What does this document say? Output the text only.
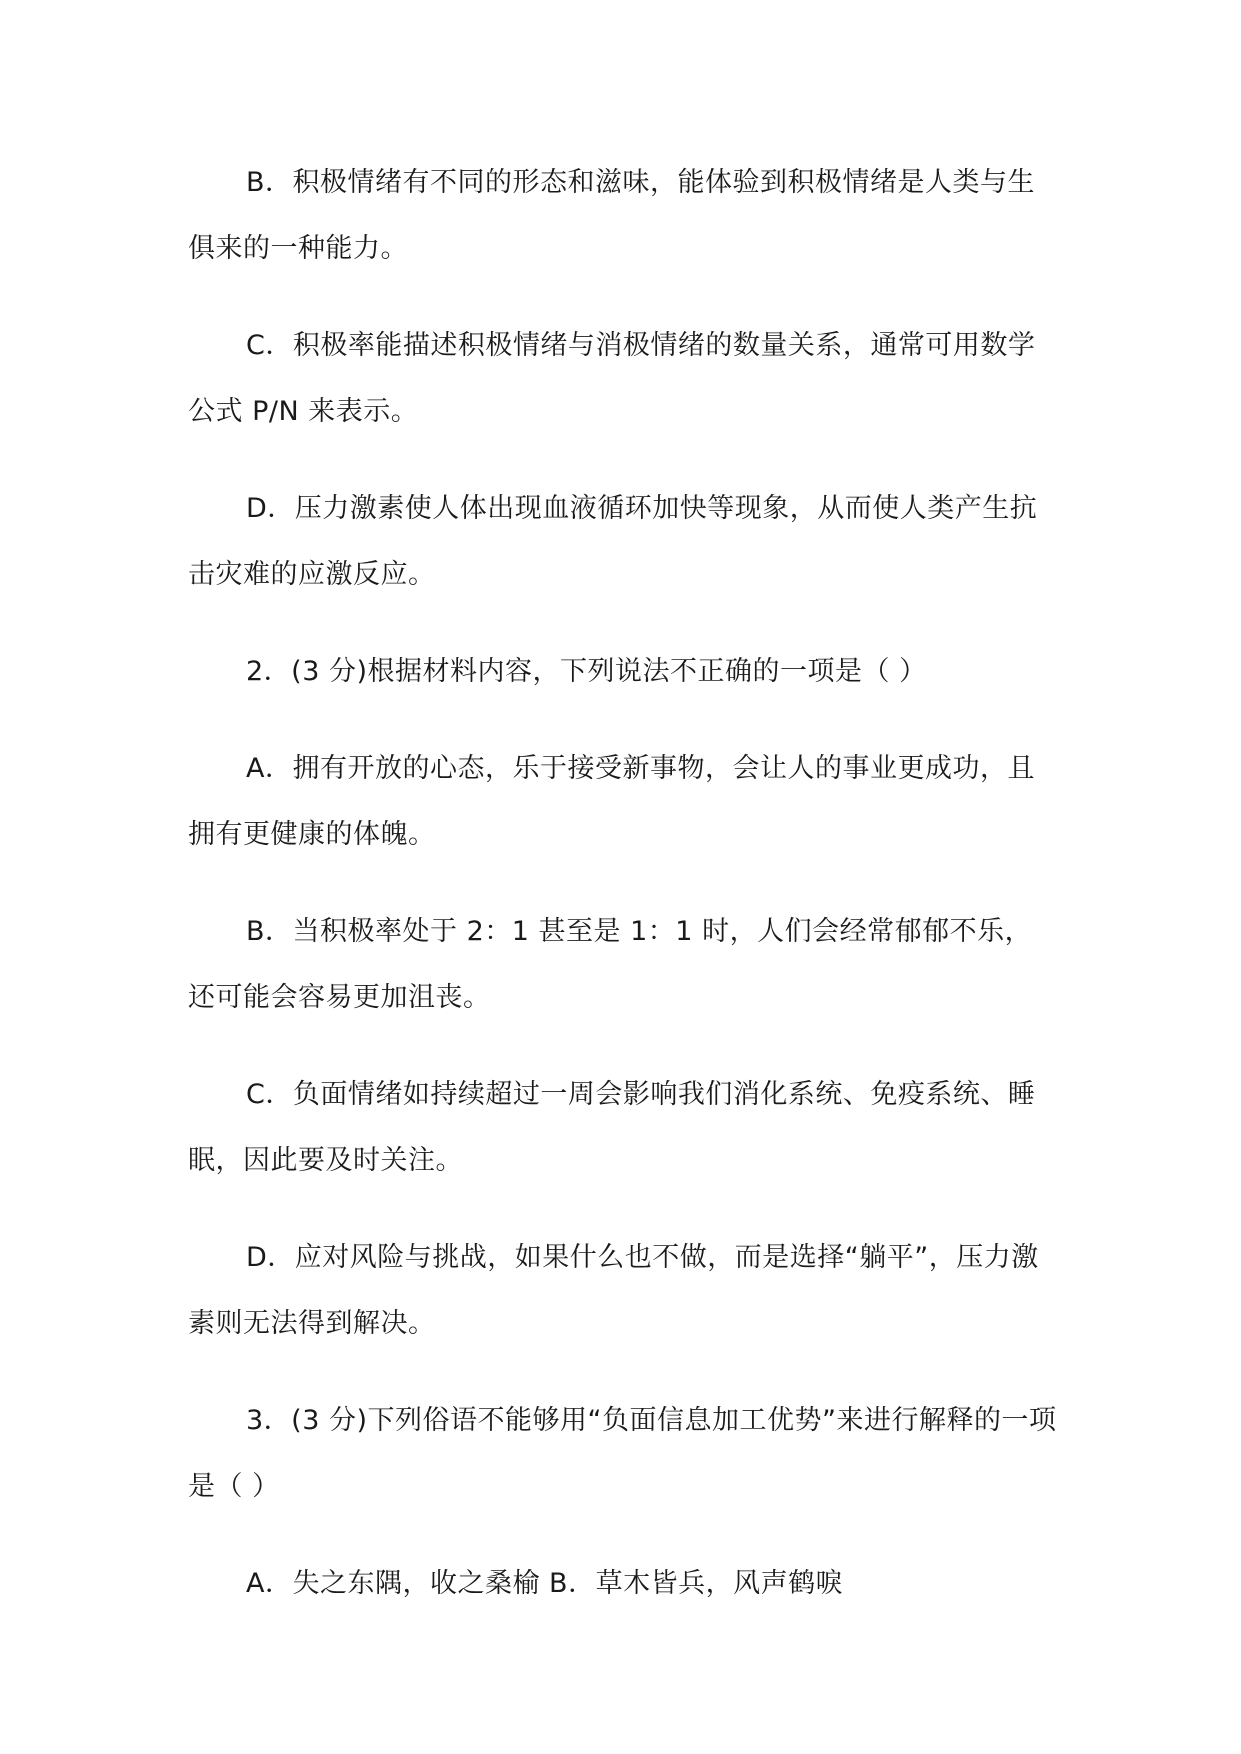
B．积极情绪有不同的形态和滋味，能体验到积极情绪是人类与生俱来的一种能力。

C．积极率能描述积极情绪与消极情绪的数量关系，通常可用数学公式 P/N 来表示。

D．压力激素使人体出现血液循环加快等现象，从而使人类产生抗击灾难的应激反应。

2．(3 分)根据材料内容，下列说法不正确的一项是（ ）

A．拥有开放的心态，乐于接受新事物，会让人的事业更成功，且拥有更健康的体魄。

B．当积极率处于 2：1 甚至是 1：1 时，人们会经常郁郁不乐，还可能会容易更加沮丧。

C．负面情绪如持续超过一周会影响我们消化系统、免疫系统、睡眠，因此要及时关注。

D．应对风险与挑战，如果什么也不做，而是选择“躺平”，压力激素则无法得到解决。

3．(3 分)下列俗语不能够用“负面信息加工优势”来进行解释的一项是（ ）

A．失之东隅，收之桑榆 B．草木皆兵，风声鹤唳
